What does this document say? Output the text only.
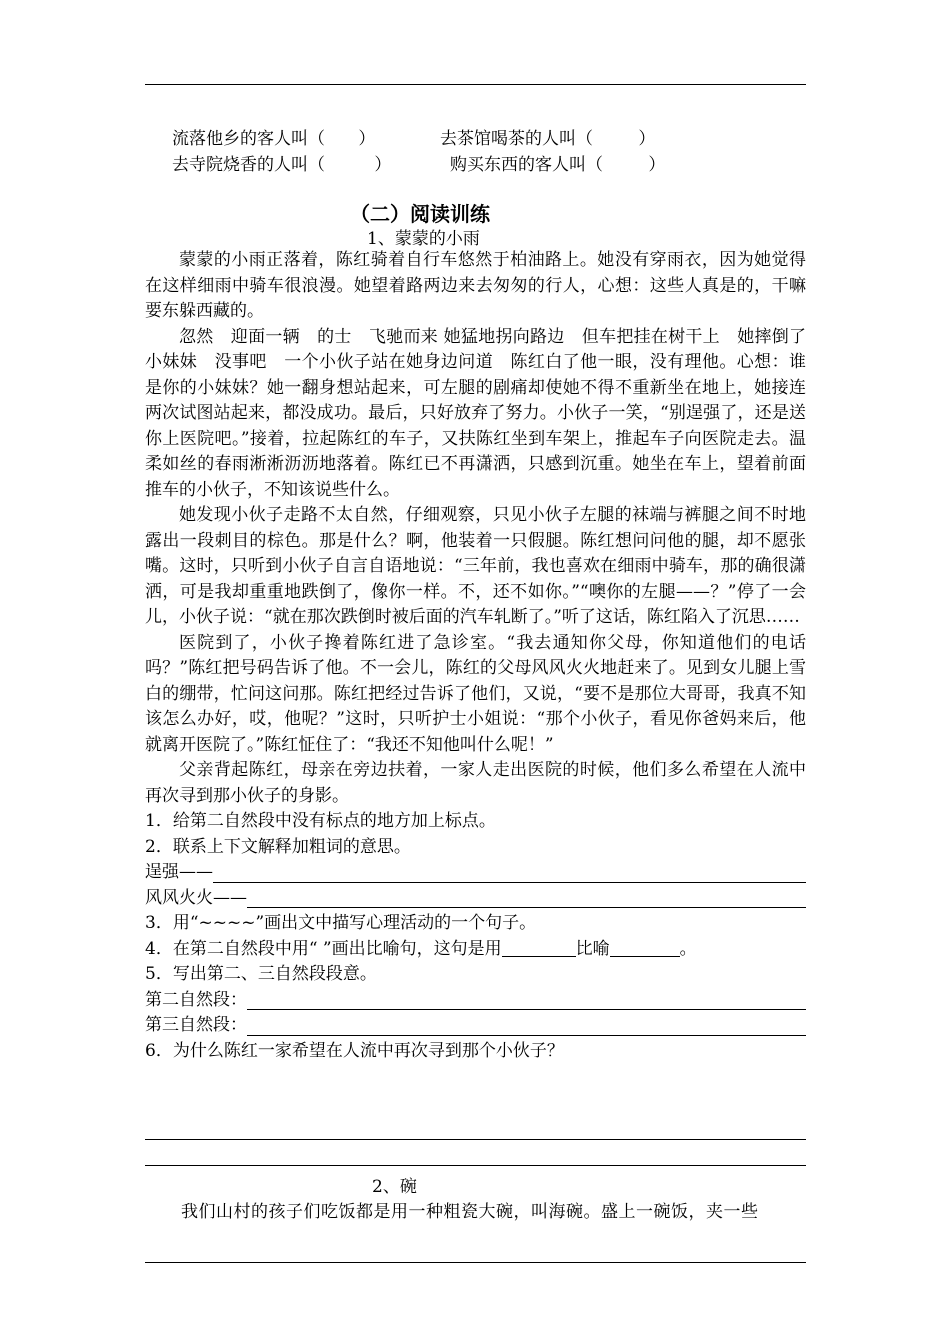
流落他乡的客人叫（ ）	去茶馆喝茶的人叫（ ）
去寺院烧香的人叫（ ）	购买东西的客人叫（ ）
（二）阅读训练
1、蒙蒙的小雨

蒙蒙的小雨正落着，陈红骑着自行车悠然于柏油路上。她没有穿雨衣，因为她觉得在这样细雨中骑车很浪漫。她望着路两边来去匆匆的行人，心想：这些人真是的，干嘛要东躲西藏的。

忽然　迎面一辆　的士　飞驰而来 她猛地拐向路边　但车把挂在树干上　她摔倒了　小妹妹　没事吧　一个小伙子站在她身边问道　陈红白了他一眼，没有理他。心想：谁是你的小妹妹？她一翻身想站起来，可左腿的剧痛却使她不得不重新坐在地上，她接连两次试图站起来，都没成功。最后，只好放弃了努力。小伙子一笑，“别逞强了，还是送你上医院吧。”接着，拉起陈红的车子，又扶陈红坐到车架上，推起车子向医院走去。温柔如丝的春雨淅淅沥沥地落着。陈红已不再潇洒，只感到沉重。她坐在车上，望着前面推车的小伙子，不知该说些什么。

她发现小伙子走路不太自然，仔细观察，只见小伙子左腿的袜端与裤腿之间不时地露出一段刺目的棕色。那是什么？啊，他装着一只假腿。陈红想问问他的腿，却不愿张嘴。这时，只听到小伙子自言自语地说：“三年前，我也喜欢在细雨中骑车，那的确很潇洒，可是我却重重地跌倒了，像你一样。不，还不如你。”“噢你的左腿——？”停了一会儿，小伙子说：“就在那次跌倒时被后面的汽车轧断了。”听了这话，陈红陷入了沉思……

医院到了，小伙子搀着陈红进了急诊室。“我去通知你父母，你知道他们的电话吗？”陈红把号码告诉了他。不一会儿，陈红的父母风风火火地赶来了。见到女儿腿上雪白的绷带，忙问这问那。陈红把经过告诉了他们，又说，“要不是那位大哥哥，我真不知该怎么办好，哎，他呢？”这时，只听护士小姐说：“那个小伙子，看见你爸妈来后，他就离开医院了。”陈红怔住了：“我还不知他叫什么呢！”

父亲背起陈红，母亲在旁边扶着，一家人走出医院的时候，他们多么希望在人流中再次寻到那小伙子的身影。

1．给第二自然段中没有标点的地方加上标点。

2．联系上下文解释加粗词的意思。

逞强——
风风火火——

3．用“~~~~”画出文中描写心理活动的一个句子。

4．在第二自然段中用“ ”画出比喻句，这句是用	比喻	。

5．写出第二、三自然段段意。

第二自然段：
第三自然段：

6．为什么陈红一家希望在人流中再次寻到那个小伙子？

2、碗
我们山村的孩子们吃饭都是用一种粗瓷大碗，叫海碗。盛上一碗饭，夹一些
